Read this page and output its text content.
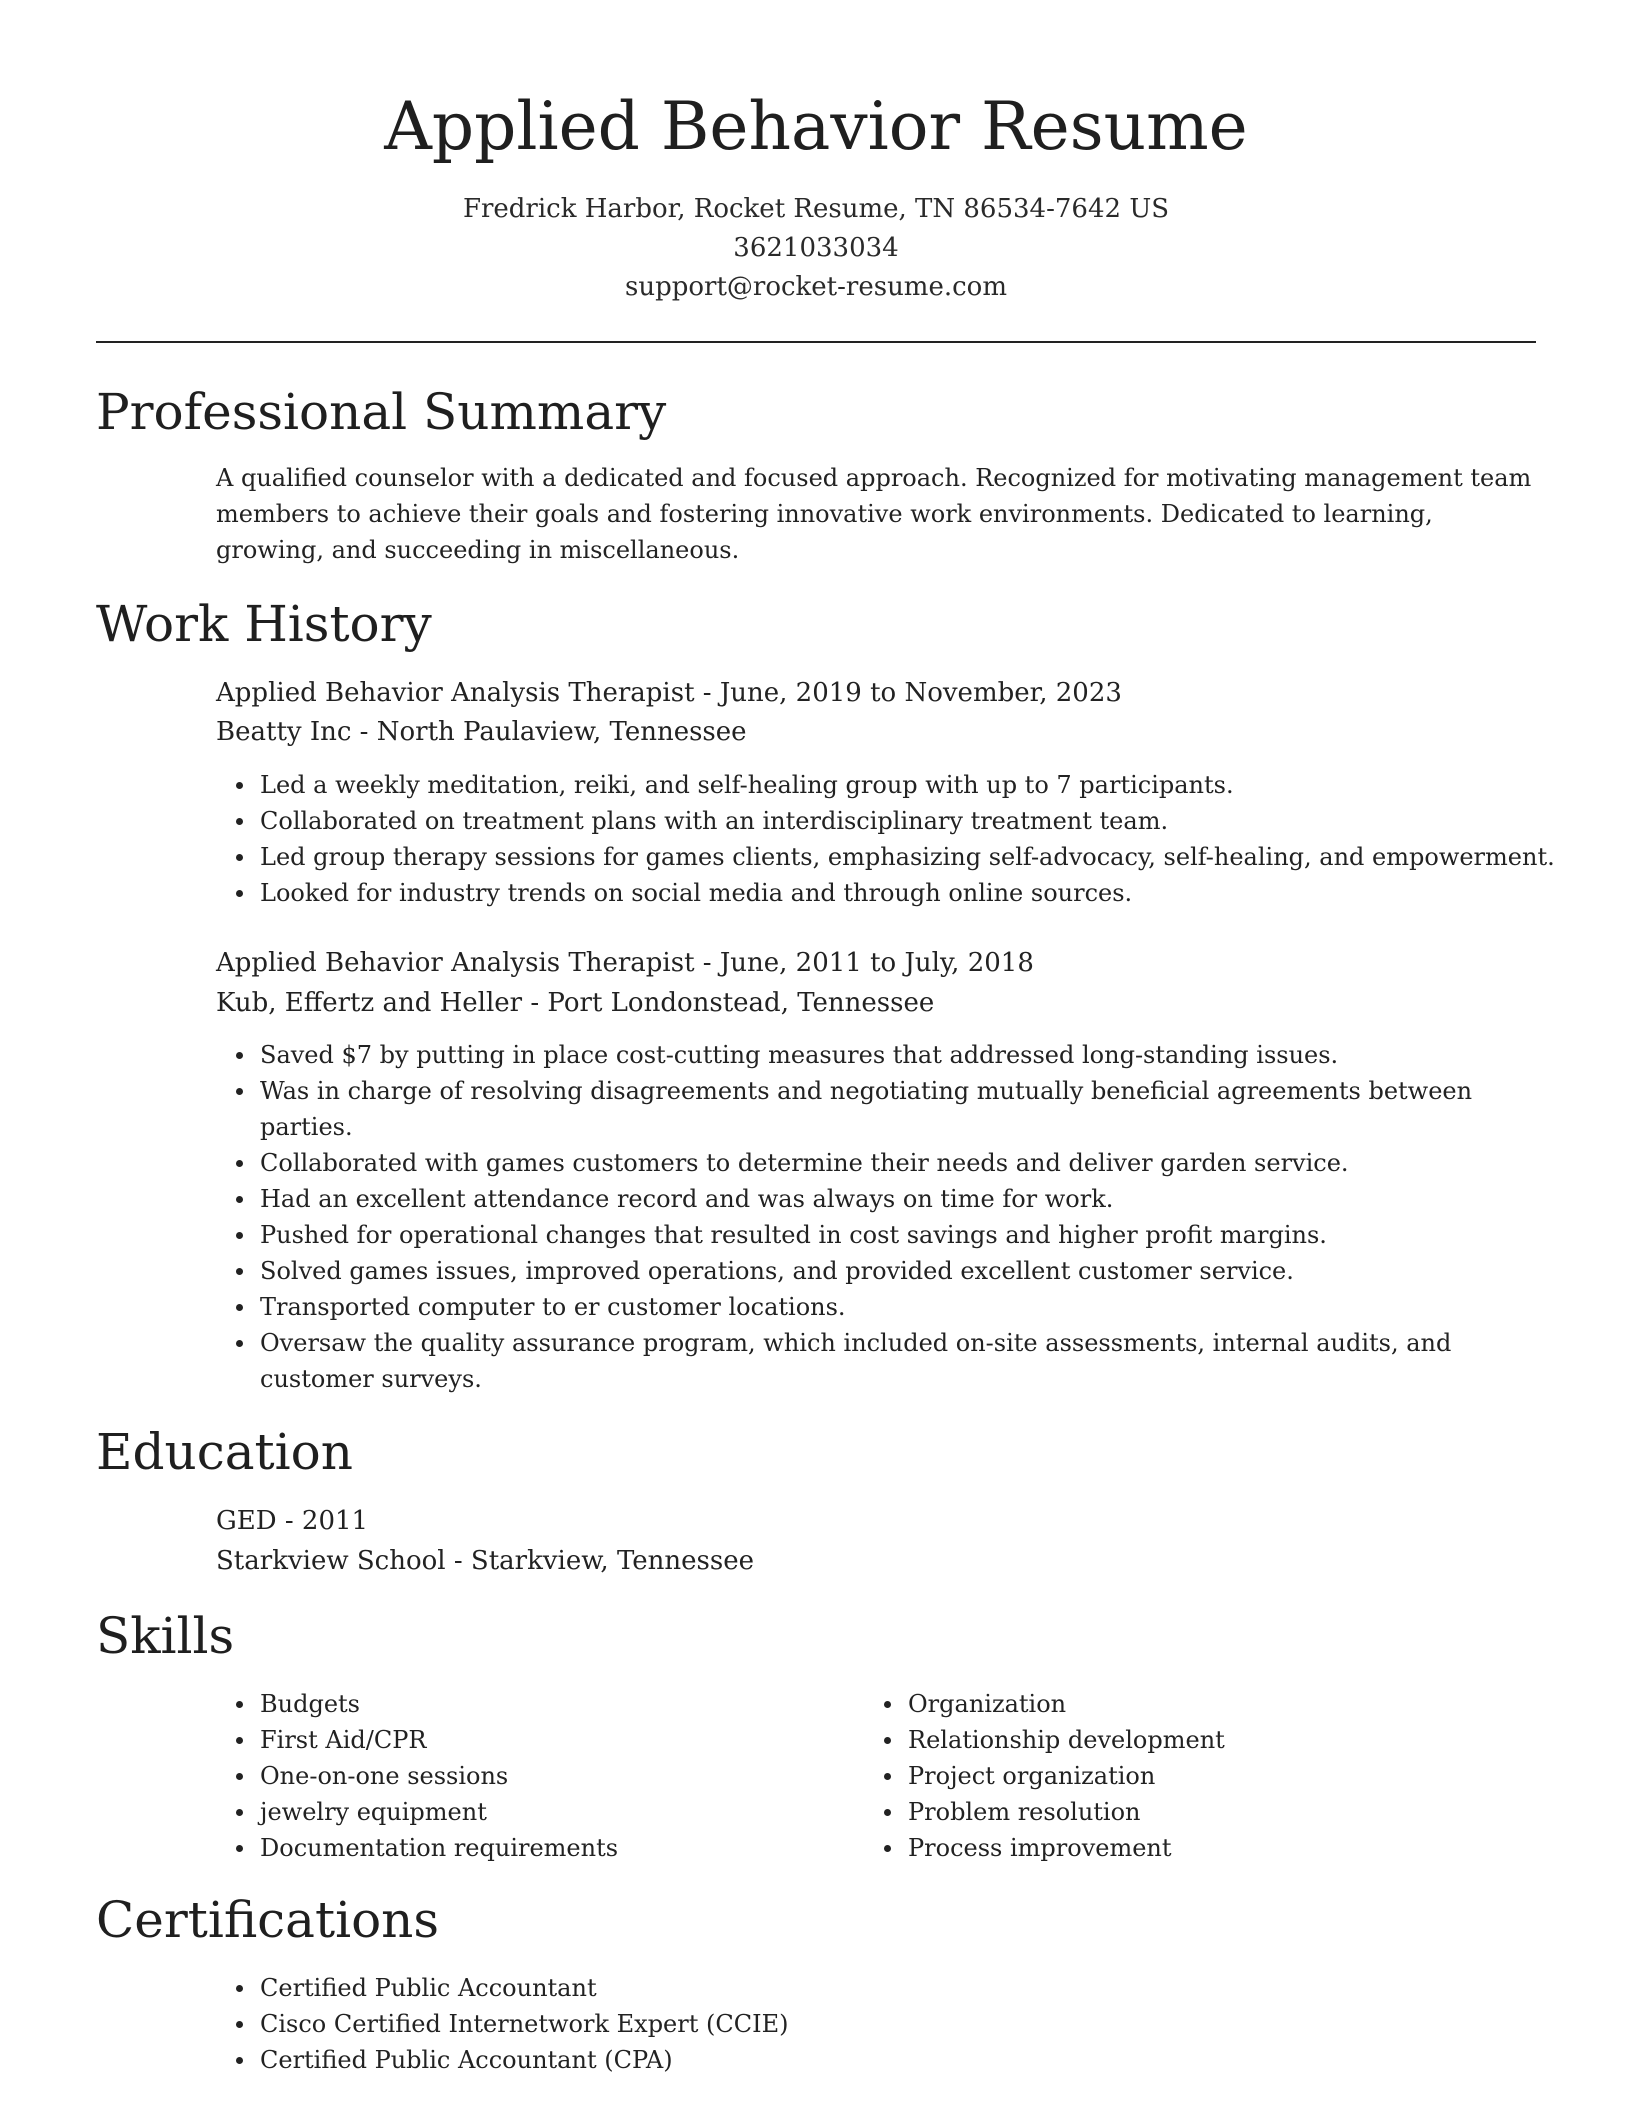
Applied Behavior Resume
Fredrick Harbor, Rocket Resume, TN 86534-7642 US
3621033034
support@rocket-resume.com
Professional Summary

A qualified counselor with a dedicated and focused approach. Recognized for motivating management team members to achieve their goals and fostering innovative work environments. Dedicated to learning, growing, and succeeding in miscellaneous.

Work History
Applied Behavior Analysis Therapist - June, 2019 to November, 2023
Beatty Inc - North Paulaview, Tennessee
Led a weekly meditation, reiki, and self-healing group with up to 7 participants.
Collaborated on treatment plans with an interdisciplinary treatment team.
Led group therapy sessions for games clients, emphasizing self-advocacy, self-healing, and empowerment.
Looked for industry trends on social media and through online sources.
Applied Behavior Analysis Therapist - June, 2011 to July, 2018
Kub, Effertz and Heller - Port Londonstead, Tennessee
Saved $7 by putting in place cost-cutting measures that addressed long-standing issues.
Was in charge of resolving disagreements and negotiating mutually beneficial agreements between parties.
Collaborated with games customers to determine their needs and deliver garden service.
Had an excellent attendance record and was always on time for work.
Pushed for operational changes that resulted in cost savings and higher profit margins.
Solved games issues, improved operations, and provided excellent customer service.
Transported computer to er customer locations.
Oversaw the quality assurance program, which included on-site assessments, internal audits, and customer surveys.
Education
GED - 2011
Starkview School - Starkview, Tennessee
Skills
Budgets
First Aid/CPR
One-on-one sessions
jewelry equipment
Documentation requirements
Organization
Relationship development
Project organization
Problem resolution
Process improvement
Certifications
Certified Public Accountant
Cisco Certified Internetwork Expert (CCIE)
Certified Public Accountant (CPA)
